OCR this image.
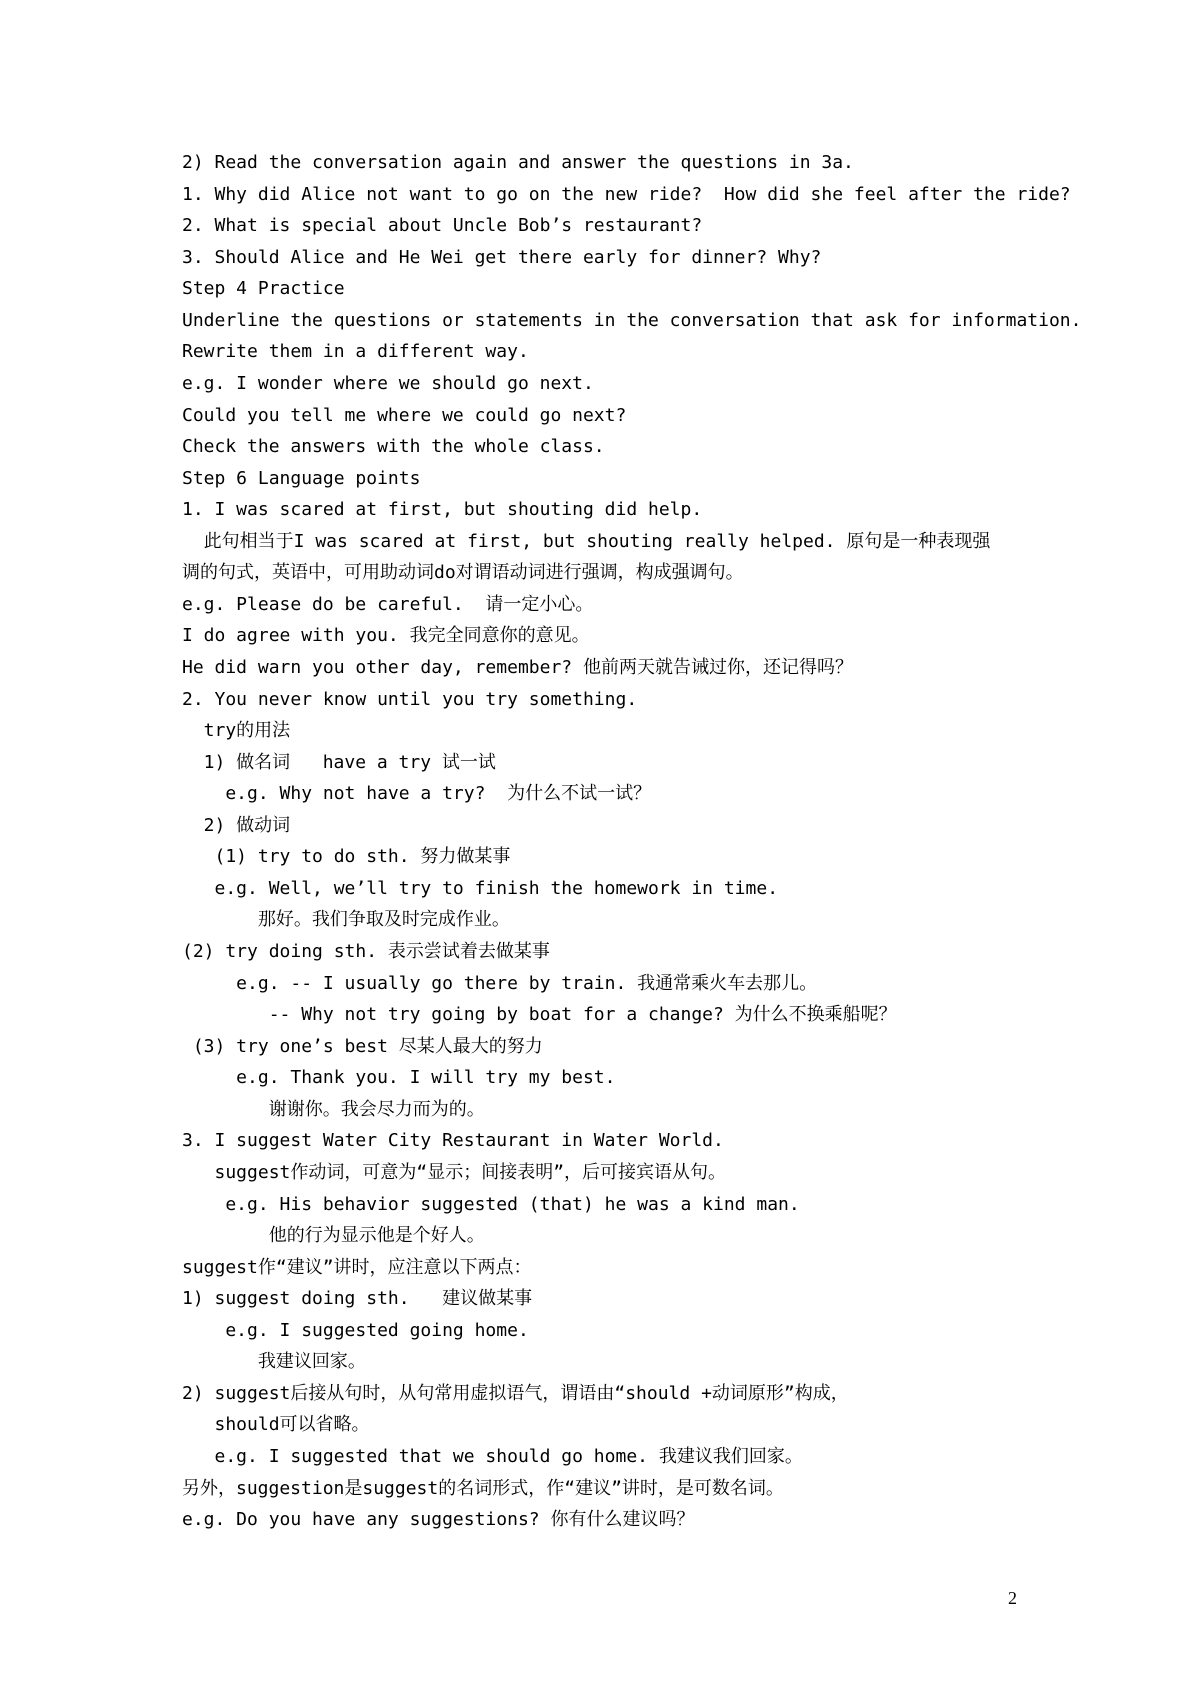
2) Read the conversation again and answer the questions in 3a.
1. Why did Alice not want to go on the new ride?  How did she feel after the ride?
2. What is special about Uncle Bob’s restaurant?
3. Should Alice and He Wei get there early for dinner? Why?
Step 4 Practice
Underline the questions or statements in the conversation that ask for information.
Rewrite them in a different way.
e.g. I wonder where we should go next.
Could you tell me where we could go next?
Check the answers with the whole class.
Step 6 Language points
1. I was scared at first, but shouting did help.
此句相当于I was scared at first, but shouting really helped. 原句是一种表现强
调的句式，英语中，可用助动词do对谓语动词进行强调，构成强调句。
e.g. Please do be careful.  请一定小心。
I do agree with you. 我完全同意你的意见。
He did warn you other day, remember? 他前两天就告诫过你，还记得吗？
2. You never know until you try something.
try的用法
1) 做名词   have a try 试一试
e.g. Why not have a try?  为什么不试一试？
2) 做动词
(1) try to do sth. 努力做某事
e.g. Well, we’ll try to finish the homework in time.
那好。我们争取及时完成作业。
(2) try doing sth. 表示尝试着去做某事
e.g. -- I usually go there by train. 我通常乘火车去那儿。
-- Why not try going by boat for a change? 为什么不换乘船呢？
(3) try one’s best 尽某人最大的努力
e.g. Thank you. I will try my best.
谢谢你。我会尽力而为的。
3. I suggest Water City Restaurant in Water World.
suggest作动词，可意为“显示；间接表明”，后可接宾语从句。
e.g. His behavior suggested (that) he was a kind man.
他的行为显示他是个好人。
suggest作“建议”讲时，应注意以下两点：
1) suggest doing sth.   建议做某事
e.g. I suggested going home.
我建议回家。
2) suggest后接从句时，从句常用虚拟语气，谓语由“should +动词原形”构成，
should可以省略。
e.g. I suggested that we should go home. 我建议我们回家。
另外，suggestion是suggest的名词形式，作“建议”讲时，是可数名词。
e.g. Do you have any suggestions? 你有什么建议吗？
2
